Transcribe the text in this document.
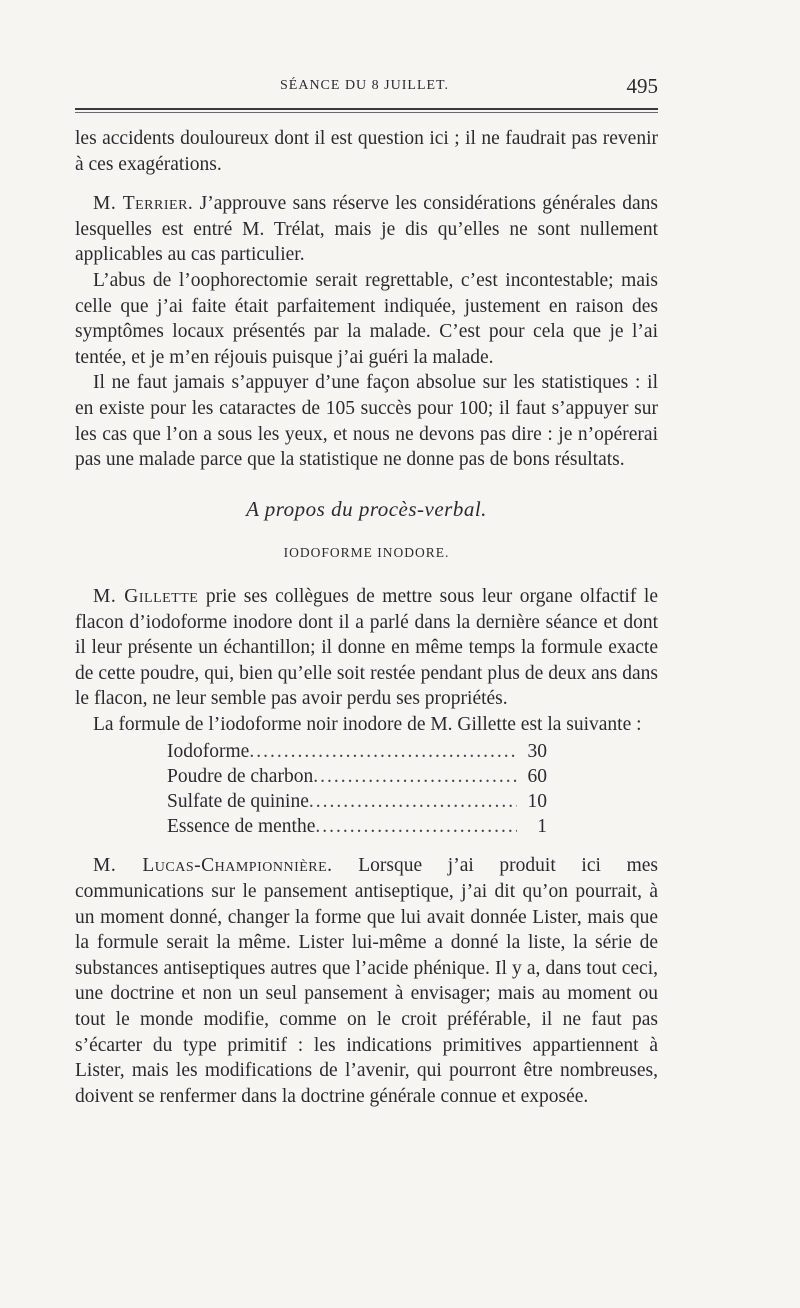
SÉANCE DU 8 JUILLET.	495

les accidents douloureux dont il est question ici ; il ne faudrait pas revenir à ces exagérations.

M. Terrier. J’approuve sans réserve les considérations générales dans lesquelles est entré M. Trélat, mais je dis qu’elles ne sont nullement applicables au cas particulier.

L’abus de l’oophorectomie serait regrettable, c’est incontestable; mais celle que j’ai faite était parfaitement indiquée, justement en raison des symptômes locaux présentés par la malade. C’est pour cela que je l’ai tentée, et je m’en réjouis puisque j’ai guéri la malade.

Il ne faut jamais s’appuyer d’une façon absolue sur les statistiques : il en existe pour les cataractes de 105 succès pour 100; il faut s’appuyer sur les cas que l’on a sous les yeux, et nous ne devons pas dire : je n’opérerai pas une malade parce que la statistique ne donne pas de bons résultats.

A propos du procès-verbal.

IODOFORME INODORE.

M. Gillette prie ses collègues de mettre sous leur organe olfactif le flacon d’iodoforme inodore dont il a parlé dans la dernière séance et dont il leur présente un échantillon; il donne en même temps la formule exacte de cette poudre, qui, bien qu’elle soit restée pendant plus de deux ans dans le flacon, ne leur semble pas avoir perdu ses propriétés.

La formule de l’iodoforme noir inodore de M. Gillette est la suivante :

Iodoforme .....	30
Poudre de charbon .....	60
Sulfate de quinine .....	10
Essence de menthe .....	1

M. Lucas-Championnière. Lorsque j’ai produit ici mes communications sur le pansement antiseptique, j’ai dit qu’on pourrait, à un moment donné, changer la forme que lui avait donnée Lister, mais que la formule serait la même. Lister lui-même a donné la liste, la série de substances antiseptiques autres que l’acide phénique. Il y a, dans tout ceci, une doctrine et non un seul pansement à envisager; mais au moment ou tout le monde modifie, comme on le croit préférable, il ne faut pas s’écarter du type primitif : les indications primitives appartiennent à Lister, mais les modifications de l’avenir, qui pourront être nombreuses, doivent se renfermer dans la doctrine générale connue et exposée.
